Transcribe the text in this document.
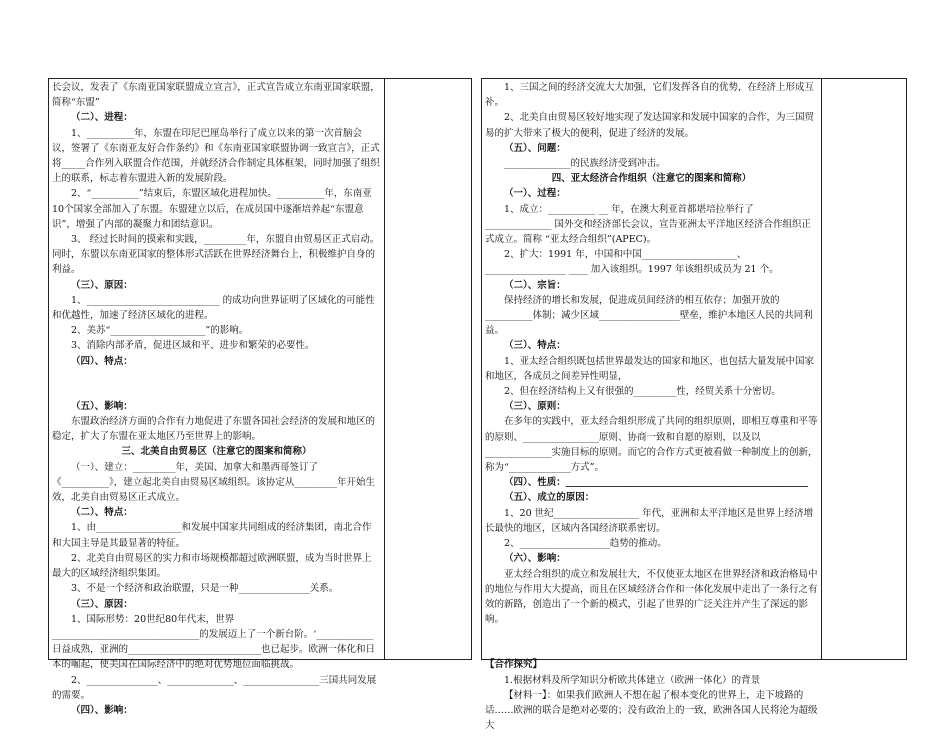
长会议，发表了《东南亚国家联盟成立宣言》，正式宣告成立东南亚国家联盟，简称“东盟”

（二）、进程：

1、__________年，东盟在印尼巴厘岛举行了成立以来的第一次首脑会议，签署了《东南亚友好合作条约》和《东南亚国家联盟协调一致宣言》，正式将_____合作列入联盟合作范围，并就经济合作制定具体框架，同时加强了组织上的联系，标志着东盟进入新的发展阶段。

2、“__________”结束后，东盟区域化进程加快。__________年，东南亚10个国家全部加入了东盟。东盟建立以后，在成员国中逐渐培养起“东盟意识”，增强了内部的凝聚力和团结意识。

3、 经过长时间的摸索和实践，_________年，东盟自由贸易区正式启动。同时，东盟以东南亚国家的整体形式活跃在世界经济舞台上，积极维护自身的利益。

（三）、原因：

1、____________________________ 的成功向世界证明了区域化的可能性和优越性，加速了经济区域化的进程。

2、美苏“____________________”的影响。

3、消除内部矛盾，促进区域和平、进步和繁荣的必要性。

（四）、特点：

（五）、影响：

东盟政治经济方面的合作有力地促进了东盟各国社会经济的发展和地区的稳定，扩大了东盟在亚太地区乃至世界上的影响。

三、北美自由贸易区（注意它的图案和简称）

（一）、建立：_________年，美国、加拿大和墨西哥签订了《__________》，建立起北美自由贸易区域组织。该协定从_________年开始生效，北美自由贸易区正式成立。

（二）、特点：

1、由__________________和发展中国家共同组成的经济集团，南北合作和大国主导是其最显著的特征。

2、北美自由贸易区的实力和市场规模都超过欧洲联盟，成为当时世界上最大的区域经济组织集团。

3、不是一个经济和政治联盟，只是一种_______________关系。

（三）、原因：

1、国际形势：20世纪80年代末，世界_______________________________的发展迈上了一个新台阶。‘____________日益成熟，亚洲的____________________________也已起步。欧洲一体化和日本的崛起，使美国在国际经济中的绝对优势地位面临挑战。

2、_______________、______________、________________三国共同发展的需要。

（四）、影响：

1、三国之间的经济交流大大加强，它们发挥各自的优势，在经济上形成互补。

2、北美自由贸易区较好地实现了发达国家和发展中国家的合作，为三国贸易的扩大带来了极大的便利，促进了经济的发展。

（五）、问题：

______________的民族经济受到冲击。

四、亚太经济合作组织（注意它的图案和简称）

（一）、过程：

1、成立：__________ __ 年，在澳大利亚首都堪培拉举行了______________ 国外交和经济部长会议，宣告亚洲太平洋地区经济合作组织正式成立。简称 “亚太经合组织”(APEC)。

2、扩大：1991 年，中国和中国____________________、_________________ ____ 加入该组织。1997 年该组织成员为 21 个。

（二）、宗旨：

保持经济的增长和发展，促进成员间经济的相互依存；加强开放的__________体制；减少区域_________________壁垒，维护本地区人民的共同利益。

（三）、特点：

1、亚太经合组织既包括世界最发达的国家和地区，也包括大量发展中国家和地区，各成员之间差异性明显，

2、但在经济结构上又有很强的_________性，经贸关系十分密切。

（三）、原则：

在多年的实践中，亚太经合组织形成了共同的组织原则，即相互尊重和平等的原则、________________原则、协商一致和自愿的原则，以及以______________实施目标的原则。而它的合作方式更被看做一种制度上的创新，称为“_____________方式”。

（四）、性质：___________________________________________________

（五）、成立的原因：

1、20 世纪__________________ 年代，亚洲和太平洋地区是世界上经济增长最快的地区，区域内各国经济联系密切。

2、___________________趋势的推动。

（六）、影响：

亚太经合组织的成立和发展壮大，不仅使亚太地区在世界经济和政治格局中的地位与作用大大提高，而且在区域经济合作和一体化发展中走出了一条行之有效的新路，创造出了一个新的模式，引起了世界的广泛关注并产生了深远的影响。

【合作探究】

1.根据材料及所学知识分析欧共体建立（欧洲一体化）的背景

【材料一】：如果我们欧洲人不想在起了根本变化的世界上，走下坡路的话……欧洲的联合是绝对必要的；没有政治上的一致，欧洲各国人民将沦为超级大
